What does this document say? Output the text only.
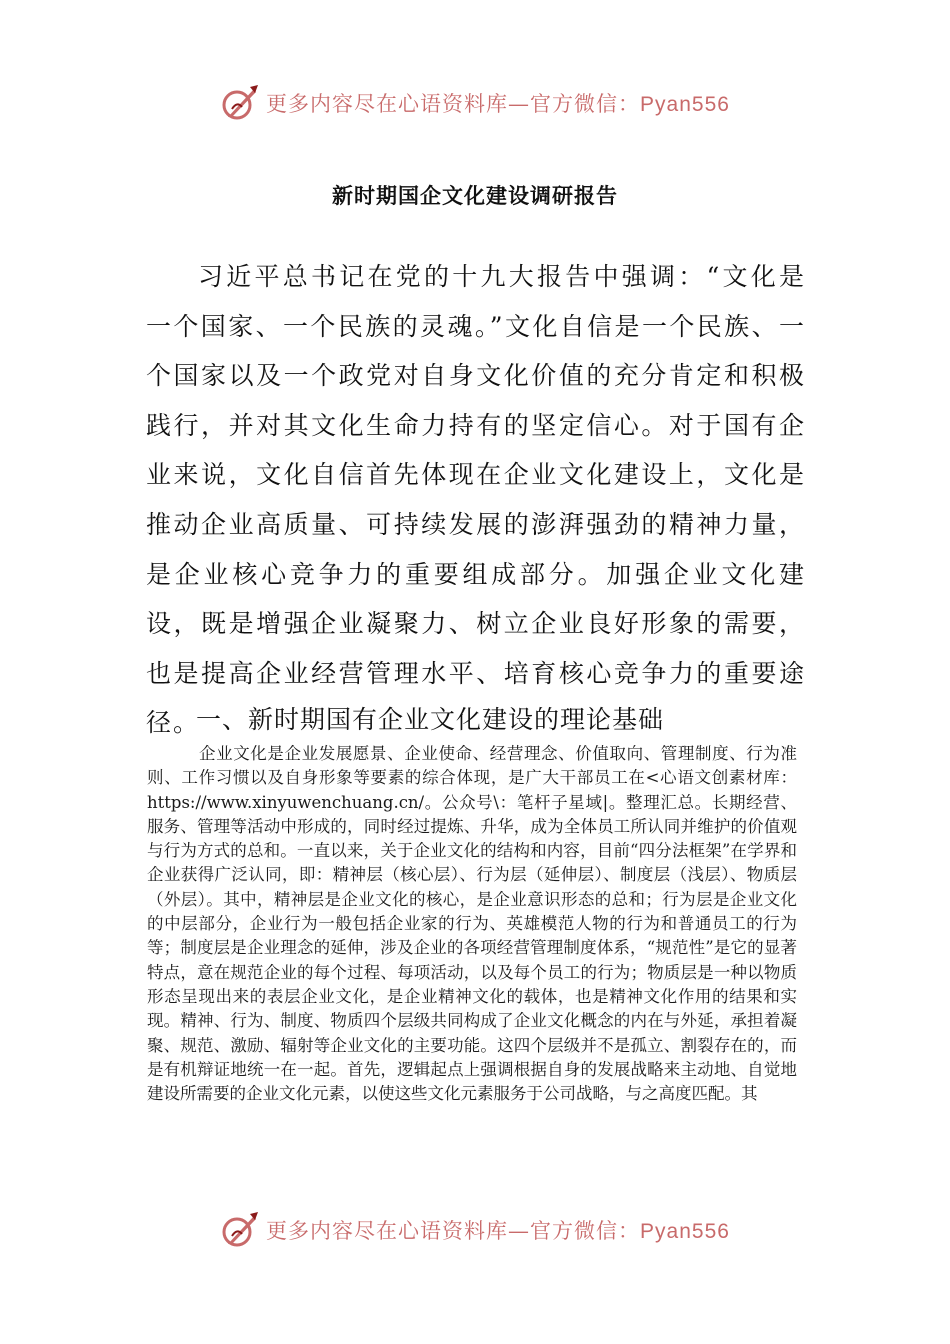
更多内容尽在心语资料库—官方微信：Pyan556
新时期国企文化建设调研报告

习近平总书记在党的十九大报告中强调：“文化是一个国家、一个民族的灵魂。”文化自信是一个民族、一个国家以及一个政党对自身文化价值的充分肯定和积极践行，并对其文化生命力持有的坚定信心。对于国有企业来说，文化自信首先体现在企业文化建设上，文化是推动企业高质量、可持续发展的澎湃强劲的精神力量，是企业核心竞争力的重要组成部分。加强企业文化建设，既是增强企业凝聚力、树立企业良好形象的需要，也是提高企业经营管理水平、培育核心竞争力的重要途径。

一、新时期国有企业文化建设的理论基础

企业文化是企业发展愿景、企业使命、经营理念、价值取向、管理制度、行为准则、工作习惯以及自身形象等要素的综合体现，是广大干部员工在<心语文创素材库：https://www.xinyuwenchuang.cn/。公众号\：笔杆子星域|。整理汇总。长期经营、服务、管理等活动中形成的，同时经过提炼、升华，成为全体员工所认同并维护的价值观与行为方式的总和。一直以来，关于企业文化的结构和内容，目前“四分法框架”在学界和企业获得广泛认同，即：精神层（核心层）、行为层（延伸层）、制度层（浅层）、物质层（外层）。其中，精神层是企业文化的核心，是企业意识形态的总和；行为层是企业文化的中层部分，企业行为一般包括企业家的行为、英雄模范人物的行为和普通员工的行为等；制度层是企业理念的延伸，涉及企业的各项经营管理制度体系，“规范性”是它的显著特点，意在规范企业的每个过程、每项活动，以及每个员工的行为；物质层是一种以物质形态呈现出来的表层企业文化，是企业精神文化的载体，也是精神文化作用的结果和实现。精神、行为、制度、物质四个层级共同构成了企业文化概念的内在与外延，承担着凝聚、规范、激励、辐射等企业文化的主要功能。这四个层级并不是孤立、割裂存在的，而是有机辩证地统一在一起。首先，逻辑起点上强调根据自身的发展战略来主动地、自觉地建设所需要的企业文化元素，以使这些文化元素服务于公司战略，与之高度匹配。其

更多内容尽在心语资料库—官方微信：Pyan556
